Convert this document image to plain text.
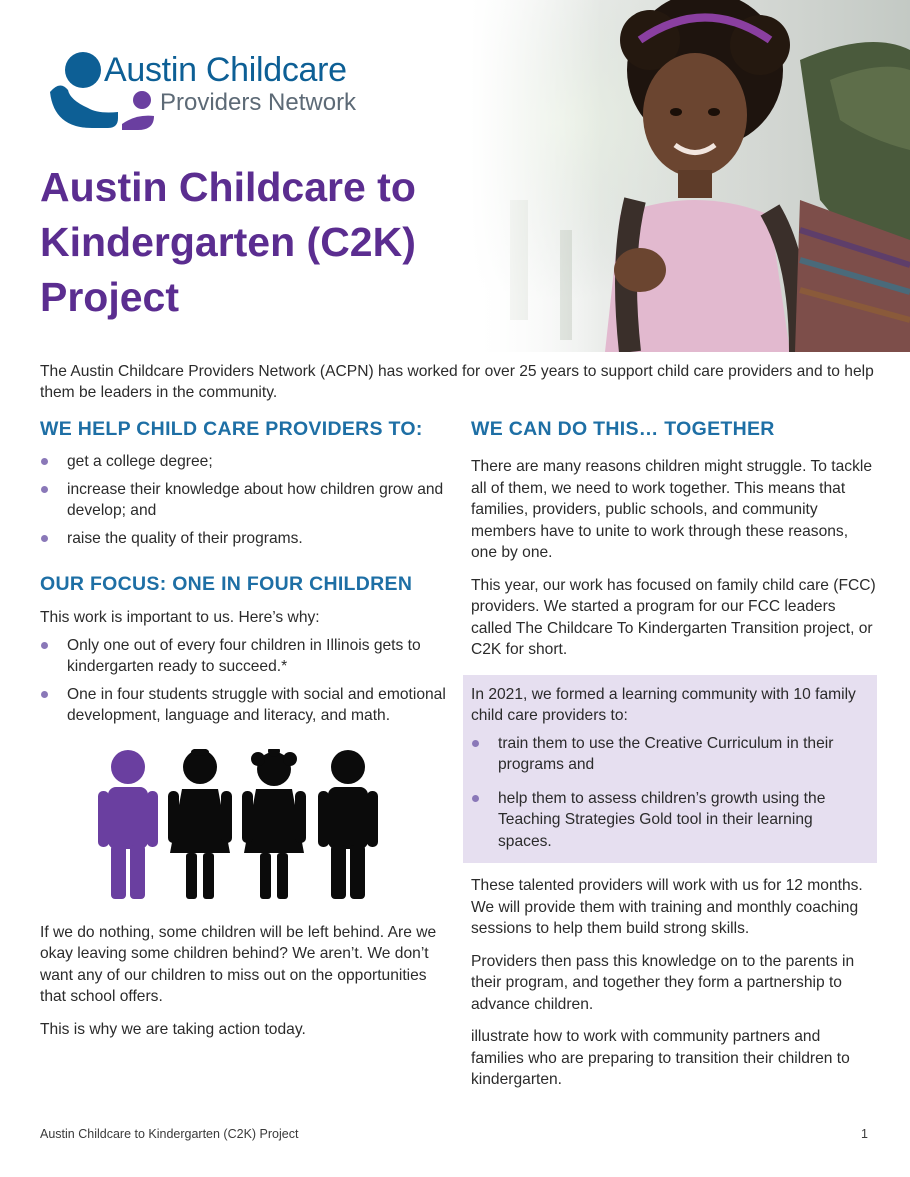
Austin Childcare
Providers Network
Austin Childcare to Kindergarten (C2K) Project

The Austin Childcare Providers Network (ACPN) has worked for over 25 years to support child care providers and to help them be leaders in the community.

WE HELP CHILD CARE PROVIDERS TO:
get a college degree;
increase their knowledge about how children grow and develop; and
raise the quality of their programs.
OUR FOCUS: ONE IN FOUR CHILDREN

This work is important to us. Here’s why:

Only one out of every four children in Illinois gets to kindergarten ready to succeed.*
One in four students struggle with social and emotional development, language and literacy, and math.

If we do nothing, some children will be left behind. Are we okay leaving some children behind? We aren’t. We don’t want any of our children to miss out on the opportunities that school offers.

This is why we are taking action today.

WE CAN DO THIS… TOGETHER

There are many reasons children might struggle. To tackle all of them, we need to work together. This means that families, providers, public schools, and community members have to unite to work through these reasons, one by one.

This year, our work has focused on family child care (FCC) providers. We started a program for our FCC leaders called The Childcare To Kindergarten Transition project, or C2K for short.

In 2021, we formed a learning community with 10 family child care providers to:

train them to use the Creative Curriculum in their programs and
help them to assess children’s growth using the Teaching Strategies Gold tool in their learning spaces.

These talented providers will work with us for 12 months. We will provide them with training and monthly coaching sessions to help them build strong skills.

Providers then pass this knowledge on to the parents in their program, and together they form a partnership to advance children.

illustrate how to work with community partners and families who are preparing to transition their children to kindergarten.

Austin Childcare to Kindergarten (C2K) Project	1
